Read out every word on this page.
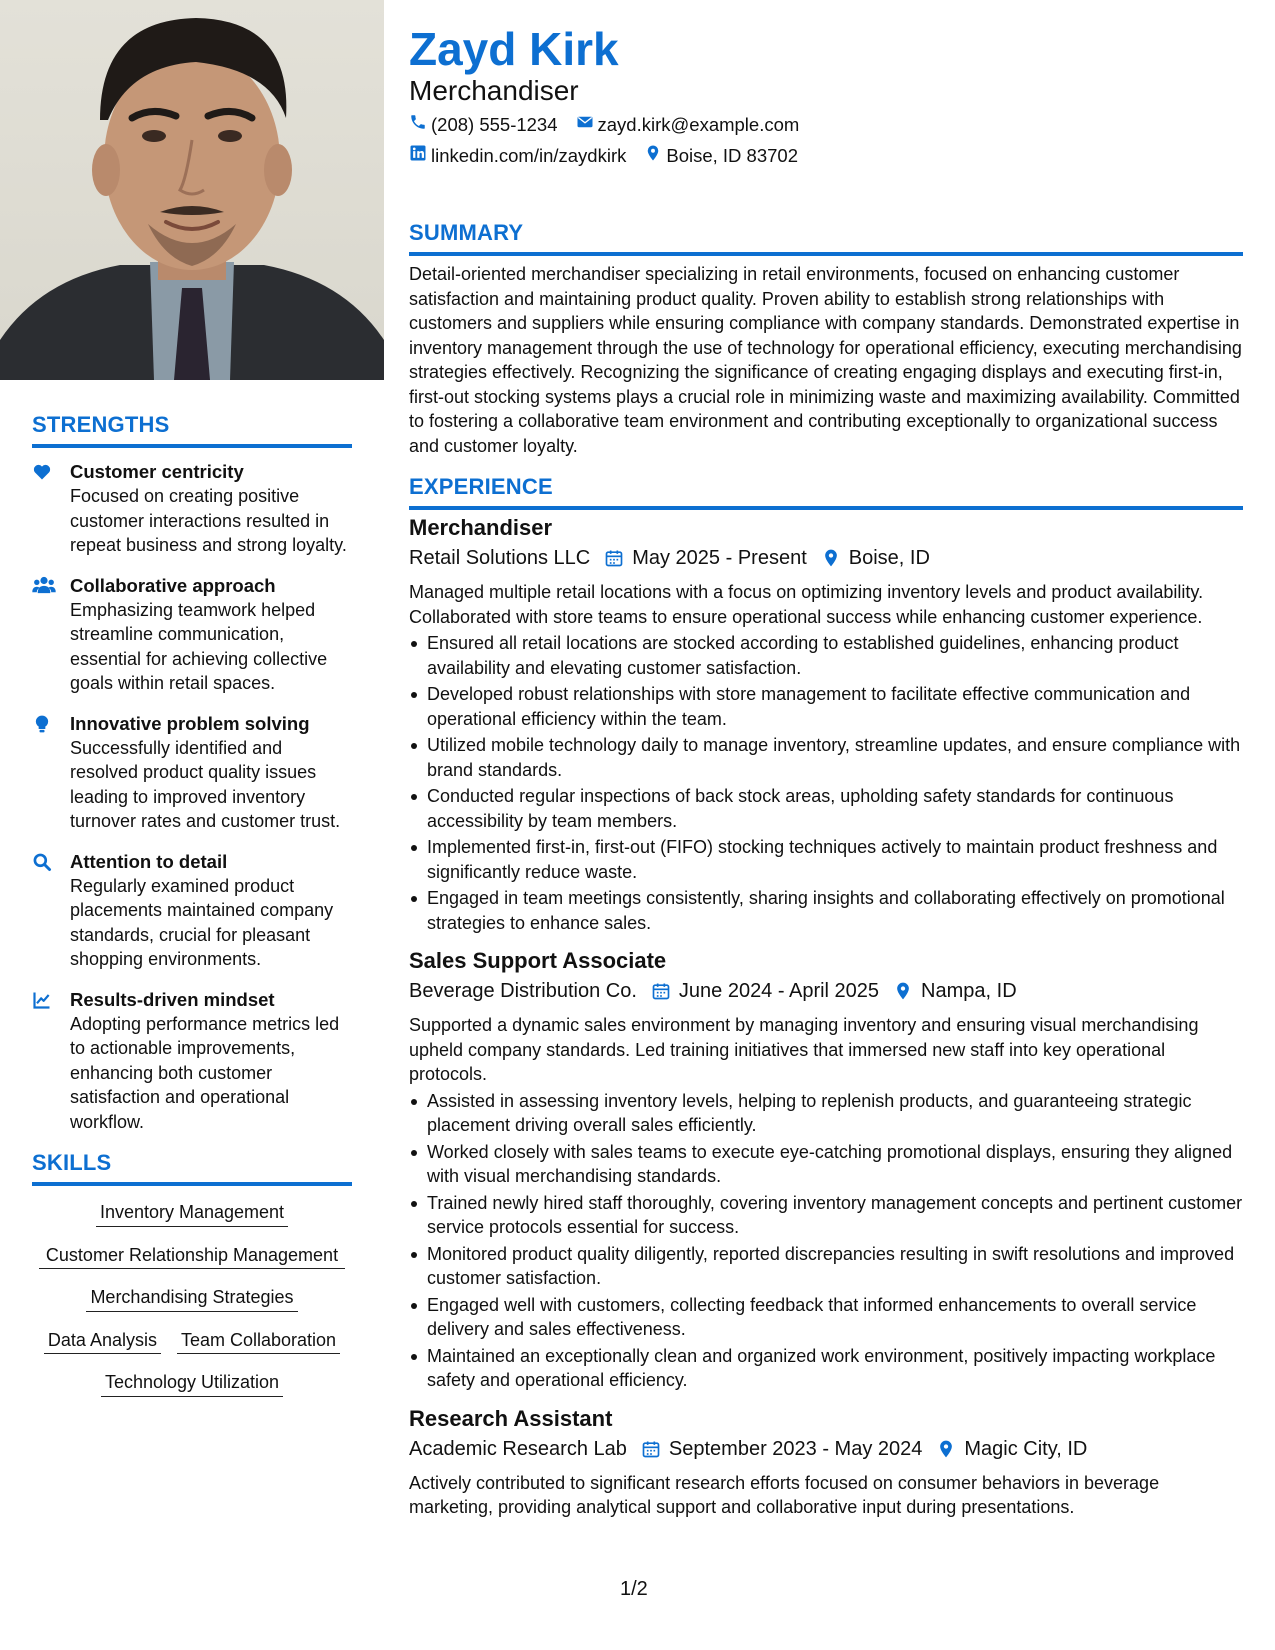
STRENGTHS
Customer centricity
Focused on creating positive customer interactions resulted in repeat business and strong loyalty.
Collaborative approach
Emphasizing teamwork helped streamline communication, essential for achieving collective goals within retail spaces.
Innovative problem solving
Successfully identified and resolved product quality issues leading to improved inventory turnover rates and customer trust.
Attention to detail
Regularly examined product placements maintained company standards, crucial for pleasant shopping environments.
Results-driven mindset
Adopting performance metrics led to actionable improvements, enhancing both customer satisfaction and operational workflow.
SKILLS
Inventory Management
Customer Relationship Management
Merchandising Strategies
Data Analysis Team Collaboration
Technology Utilization
Zayd Kirk
Merchandiser
(208) 555-1234 zayd.kirk@example.com
linkedin.com/in/zaydkirk Boise, ID 83702
SUMMARY
Detail-oriented merchandiser specializing in retail environments, focused on enhancing customer satisfaction and maintaining product quality. Proven ability to establish strong relationships with customers and suppliers while ensuring compliance with company standards. Demonstrated expertise in inventory management through the use of technology for operational efficiency, executing merchandising strategies effectively. Recognizing the significance of creating engaging displays and executing first-in, first-out stocking systems plays a crucial role in minimizing waste and maximizing availability. Committed to fostering a collaborative team environment and contributing exceptionally to organizational success and customer loyalty.
EXPERIENCE
Merchandiser
Retail Solutions LLC May 2025 - Present Boise, ID
Managed multiple retail locations with a focus on optimizing inventory levels and product availability. Collaborated with store teams to ensure operational success while enhancing customer experience.
Ensured all retail locations are stocked according to established guidelines, enhancing product availability and elevating customer satisfaction.
Developed robust relationships with store management to facilitate effective communication and operational efficiency within the team.
Utilized mobile technology daily to manage inventory, streamline updates, and ensure compliance with brand standards.
Conducted regular inspections of back stock areas, upholding safety standards for continuous accessibility by team members.
Implemented first-in, first-out (FIFO) stocking techniques actively to maintain product freshness and significantly reduce waste.
Engaged in team meetings consistently, sharing insights and collaborating effectively on promotional strategies to enhance sales.
Sales Support Associate
Beverage Distribution Co. June 2024 - April 2025 Nampa, ID
Supported a dynamic sales environment by managing inventory and ensuring visual merchandising upheld company standards. Led training initiatives that immersed new staff into key operational protocols.
Assisted in assessing inventory levels, helping to replenish products, and guaranteeing strategic placement driving overall sales efficiently.
Worked closely with sales teams to execute eye-catching promotional displays, ensuring they aligned with visual merchandising standards.
Trained newly hired staff thoroughly, covering inventory management concepts and pertinent customer service protocols essential for success.
Monitored product quality diligently, reported discrepancies resulting in swift resolutions and improved customer satisfaction.
Engaged well with customers, collecting feedback that informed enhancements to overall service delivery and sales effectiveness.
Maintained an exceptionally clean and organized work environment, positively impacting workplace safety and operational efficiency.
Research Assistant
Academic Research Lab September 2023 - May 2024 Magic City, ID
Actively contributed to significant research efforts focused on consumer behaviors in beverage marketing, providing analytical support and collaborative input during presentations.
1/2
